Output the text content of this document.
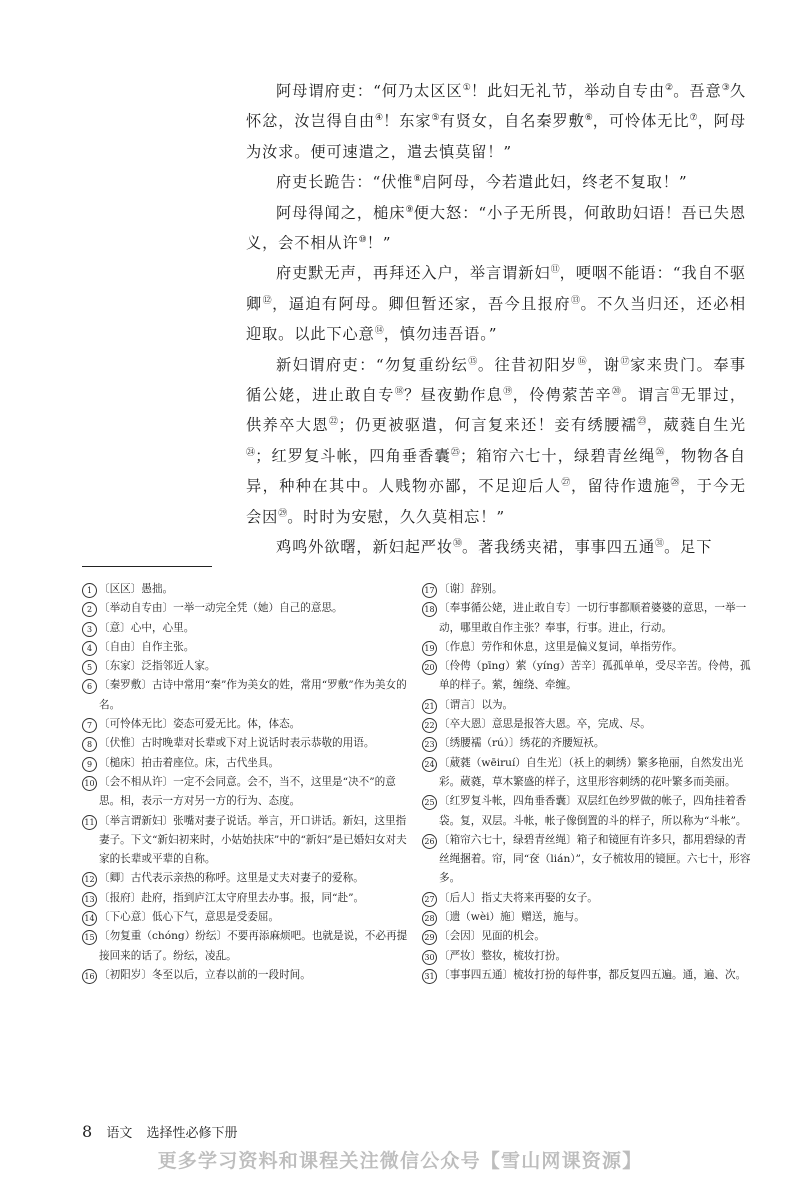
阿母谓府吏：“何乃太区区①！此妇无礼节，举动自专由②。吾意③久怀忿，汝岂得自由④！东家⑤有贤女，自名秦罗敷⑥，可怜体无比⑦，阿母为汝求。便可速遣之，遣去慎莫留！”

府吏长跪告：“伏惟⑧启阿母，今若遣此妇，终老不复取！”

阿母得闻之，槌床⑨便大怒：“小子无所畏，何敢助妇语！吾已失恩义，会不相从许⑩！”

府吏默无声，再拜还入户，举言谓新妇⑪，哽咽不能语：“我自不驱卿⑫，逼迫有阿母。卿但暂还家，吾今且报府⑬。不久当归还，还必相迎取。以此下心意⑭，慎勿违吾语。”

新妇谓府吏：“勿复重纷纭⑮。往昔初阳岁⑯，谢⑰家来贵门。奉事循公姥，进止敢自专⑱？昼夜勤作息⑲，伶俜萦苦辛⑳。谓言$^㉑$无罪过，供养卒大恩$^㉒$；仍更被驱遣，何言复来还！妾有绣腰襦$^㉓$，葳蕤自生光$^㉔$；红罗复斗帐，四角垂香囊$^㉕$；箱帘六七十，绿碧青丝绳$^㉖$，物物各自异，种种在其中。人贱物亦鄙，不足迎后人$^㉗$，留待作遗施$^㉘$，于今无会因$^㉙$。时时为安慰，久久莫相忘！”

鸡鸣外欲曙，新妇起严妆$^㉚$。著我绣夹裙，事事四五通$^㉛$。足下

1 〔区区〕愚拙。
2 〔举动自专由〕一举一动完全凭（她）自己的意思。
3 〔意〕心中，心里。
4 〔自由〕自作主张。
5 〔东家〕泛指邻近人家。
6 〔秦罗敷〕古诗中常用“秦”作为美女的姓，常用“罗敷”作为美女的名。
7 〔可怜体无比〕姿态可爱无比。体，体态。
8 〔伏惟〕古时晚辈对长辈或下对上说话时表示恭敬的用语。
9 〔槌床〕拍击着座位。床，古代坐具。
10 〔会不相从许〕一定不会同意。会不，当不，这里是“决不”的意思。相，表示一方对另一方的行为、态度。
11 〔举言谓新妇〕张嘴对妻子说话。举言，开口讲话。新妇，这里指妻子。下文“新妇初来时，小姑始扶床”中的“新妇”是已婚妇女对夫家的长辈或平辈的自称。
12 〔卿〕古代表示亲热的称呼。这里是丈夫对妻子的爱称。
13 〔报府〕赴府，指到庐江太守府里去办事。报，同“赴”。
14 〔下心意〕低心下气，意思是受委屈。
15 〔勿复重（chóng）纷纭〕不要再添麻烦吧。也就是说，不必再提接回来的话了。纷纭，凌乱。
16 〔初阳岁〕冬至以后，立春以前的一段时间。
17 〔谢〕辞别。
18 〔奉事循公姥，进止敢自专〕一切行事都顺着婆婆的意思，一举一动，哪里敢自作主张？奉事，行事。进止，行动。
19 〔作息〕劳作和休息，这里是偏义复词，单指劳作。
20 〔伶俜（pīng）萦（yíng）苦辛〕孤孤单单，受尽辛苦。伶俜，孤单的样子。萦，缠绕、牵缠。
21 〔谓言〕以为。
22 〔卒大恩〕意思是报答大恩。卒，完成、尽。
23 〔绣腰襦（rú）〕绣花的齐腰短袄。
24 〔葳蕤（wēiruí）自生光〕（袄上的刺绣）繁多艳丽，自然发出光彩。葳蕤，草木繁盛的样子，这里形容刺绣的花叶繁多而美丽。
25 〔红罗复斗帐，四角垂香囊〕双层红色纱罗做的帐子，四角挂着香袋。复，双层。斗帐，帐子像倒置的斗的样子，所以称为“斗帐”。
26 〔箱帘六七十，绿碧青丝绳〕箱子和镜匣有许多只，都用碧绿的青丝绳捆着。帘，同“奁（lián）”，女子梳妆用的镜匣。六七十，形容多。
27 〔后人〕指丈夫将来再娶的女子。
28 〔遗（wèi）施〕赠送，施与。
29 〔会因〕见面的机会。
30 〔严妆〕整妆，梳妆打扮。
31 〔事事四五通〕梳妆打扮的每件事，都反复四五遍。通，遍、次。
8 语文 选择性必修下册
更多学习资料和课程关注微信公众号【雪山网课资源】
